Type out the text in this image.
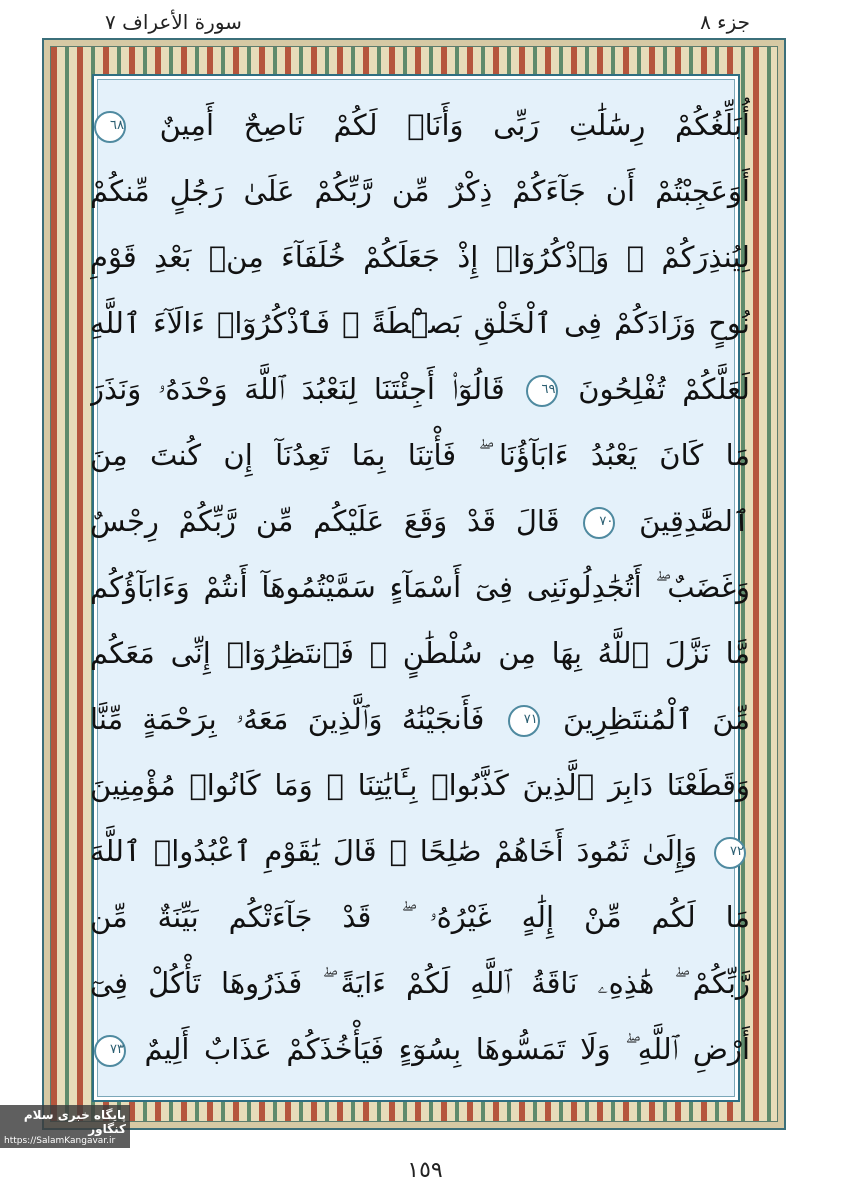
سورة الأعراف ٧	جزء ٨
أُبَلِّغُكُمْ رِسَٰلَٰتِ رَبِّى وَأَنَا۠ لَكُمْ نَاصِحٌ أَمِينٌ ٦٨
أَوَعَجِبْتُمْ أَن جَآءَكُمْ ذِكْرٌ مِّن رَّبِّكُمْ عَلَىٰ رَجُلٍ مِّنكُمْ
لِيُنذِرَكُمْ ۚ وَٱذْكُرُوٓا۟ إِذْ جَعَلَكُمْ خُلَفَآءَ مِنۢ بَعْدِ قَوْمِ
نُوحٍ وَزَادَكُمْ فِى ٱلْخَلْقِ بَصْۜطَةً ۖ فَٱذْكُرُوٓا۟ ءَالَآءَ ٱللَّهِ
لَعَلَّكُمْ تُفْلِحُونَ ٦٩ قَالُوٓا۟ أَجِئْتَنَا لِنَعْبُدَ ٱللَّهَ وَحْدَهُۥ وَنَذَرَ
مَا كَانَ يَعْبُدُ ءَابَآؤُنَا ۖ فَأْتِنَا بِمَا تَعِدُنَآ إِن كُنتَ مِنَ
ٱلصَّٰدِقِينَ ٧٠ قَالَ قَدْ وَقَعَ عَلَيْكُم مِّن رَّبِّكُمْ رِجْسٌ
وَغَضَبٌ ۖ أَتُجَٰدِلُونَنِى فِىٓ أَسْمَآءٍ سَمَّيْتُمُوهَآ أَنتُمْ وَءَابَآؤُكُم
مَّا نَزَّلَ ٱللَّهُ بِهَا مِن سُلْطَٰنٍ ۚ فَٱنتَظِرُوٓا۟ إِنِّى مَعَكُم
مِّنَ ٱلْمُنتَظِرِينَ ٧١ فَأَنجَيْنَٰهُ وَٱلَّذِينَ مَعَهُۥ بِرَحْمَةٍ مِّنَّا
وَقَطَعْنَا دَابِرَ ٱلَّذِينَ كَذَّبُوا۟ بِـَٔايَٰتِنَا ۖ وَمَا كَانُوا۟ مُؤْمِنِينَ
٧٢ وَإِلَىٰ ثَمُودَ أَخَاهُمْ صَٰلِحًا ۗ قَالَ يَٰقَوْمِ ٱعْبُدُوا۟ ٱللَّهَ
مَا لَكُم مِّنْ إِلَٰهٍ غَيْرُهُۥ ۖ قَدْ جَآءَتْكُم بَيِّنَةٌ مِّن
رَّبِّكُمْ ۖ هَٰذِهِۦ نَاقَةُ ٱللَّهِ لَكُمْ ءَايَةً ۖ فَذَرُوهَا تَأْكُلْ فِىٓ
أَرْضِ ٱللَّهِ ۖ وَلَا تَمَسُّوهَا بِسُوٓءٍ فَيَأْخُذَكُمْ عَذَابٌ أَلِيمٌ ٧٣
١٥٩
پایگاه خبری سلام کنگاور
https://SalamKangavar.ir
